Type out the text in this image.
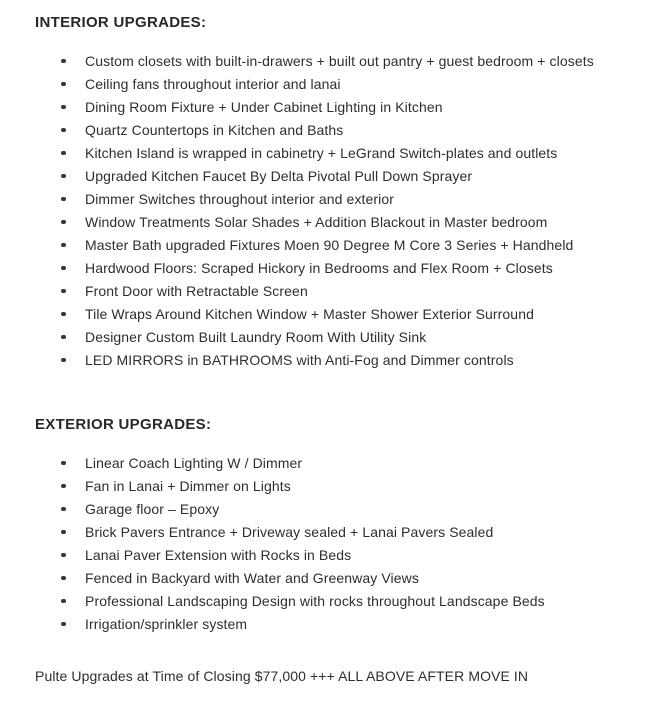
INTERIOR UPGRADES:
Custom closets with built-in-drawers + built out pantry + guest bedroom + closets
Ceiling fans throughout interior and lanai
Dining Room Fixture + Under Cabinet Lighting in Kitchen
Quartz Countertops in Kitchen and Baths
Kitchen Island is wrapped in cabinetry + LeGrand Switch-plates and outlets
Upgraded Kitchen Faucet By Delta Pivotal Pull Down Sprayer
Dimmer Switches throughout interior and exterior
Window Treatments Solar Shades + Addition Blackout in Master bedroom
Master Bath upgraded Fixtures Moen 90 Degree M Core 3 Series + Handheld
Hardwood Floors: Scraped Hickory in Bedrooms and Flex Room + Closets
Front Door with Retractable Screen
Tile Wraps Around Kitchen Window + Master Shower Exterior Surround
Designer Custom Built Laundry Room With Utility Sink
LED MIRRORS in BATHROOMS with Anti-Fog and Dimmer controls
EXTERIOR UPGRADES:
Linear Coach Lighting W / Dimmer
Fan in Lanai + Dimmer on Lights
Garage floor – Epoxy
Brick Pavers Entrance + Driveway sealed + Lanai Pavers Sealed
Lanai Paver Extension with Rocks in Beds
Fenced in Backyard with Water and Greenway Views
Professional Landscaping Design with rocks throughout Landscape Beds
Irrigation/sprinkler system
Pulte Upgrades at Time of Closing $77,000 +++ ALL ABOVE AFTER MOVE IN
